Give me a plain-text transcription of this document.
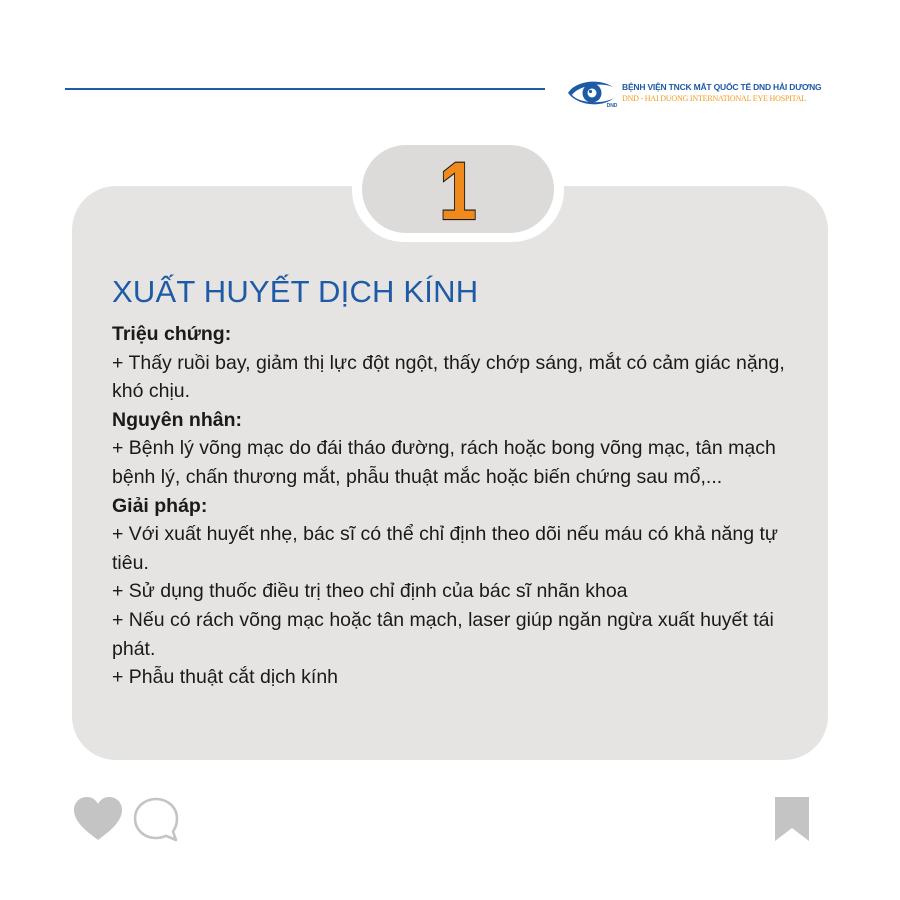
DND
BỆNH VIỆN TNCK MẮT QUỐC TẾ DND HẢI DƯƠNG
DND - HAI DUONG INTERNATIONAL EYE HOSPITAL
1
XUẤT HUYẾT DỊCH KÍNH
Triệu chứng:
+ Thấy ruồi bay, giảm thị lực đột ngột, thấy chớp sáng, mắt có cảm giác nặng, khó chịu.
Nguyên nhân:
+ Bệnh lý võng mạc do đái tháo đường, rách hoặc bong võng mạc, tân mạch bệnh lý, chấn thương mắt, phẫu thuật mắc hoặc biến chứng sau mổ,...
Giải pháp:
+ Với xuất huyết nhẹ, bác sĩ có thể chỉ định theo dõi nếu máu có khả năng tự tiêu.
+ Sử dụng thuốc điều trị theo chỉ định của bác sĩ nhãn khoa
+ Nếu có rách võng mạc hoặc tân mạch, laser giúp ngăn ngừa xuất huyết tái phát.
+ Phẫu thuật cắt dịch kính
